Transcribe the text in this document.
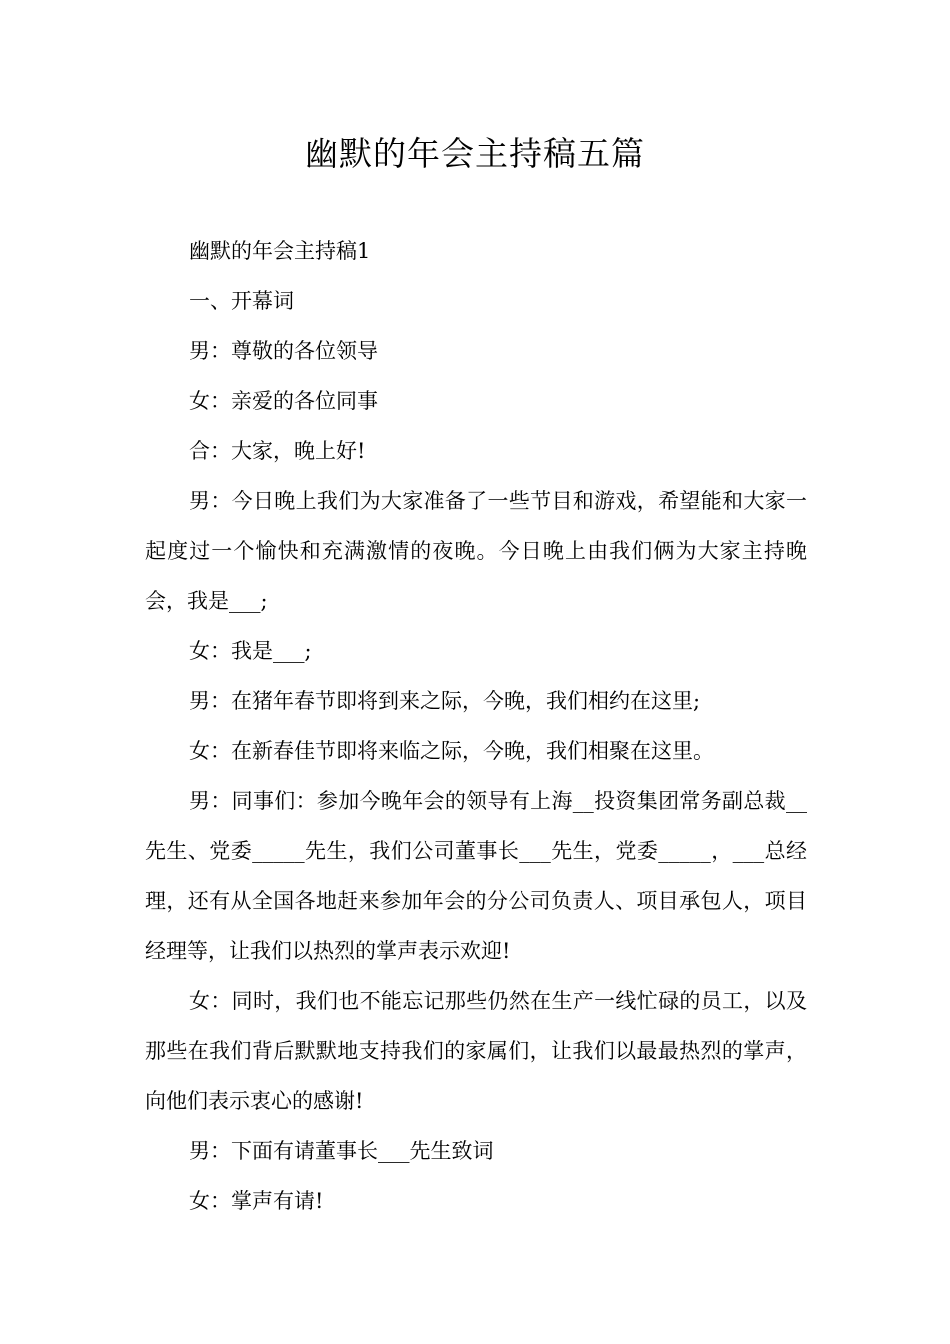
幽默的年会主持稿五篇

幽默的年会主持稿1

一、开幕词

男：尊敬的各位领导

女：亲爱的各位同事

合：大家，晚上好!

男：今日晚上我们为大家准备了一些节目和游戏，希望能和大家一起度过一个愉快和充满激情的夜晚。今日晚上由我们俩为大家主持晚会，我是___;

女：我是___;

男：在猪年春节即将到来之际，今晚，我们相约在这里;

女：在新春佳节即将来临之际，今晚，我们相聚在这里。

男：同事们：参加今晚年会的领导有上海__投资集团常务副总裁__先生、党委_____先生，我们公司董事长___先生，党委_____，___总经理，还有从全国各地赶来参加年会的分公司负责人、项目承包人，项目经理等，让我们以热烈的掌声表示欢迎!

女：同时，我们也不能忘记那些仍然在生产一线忙碌的员工，以及那些在我们背后默默地支持我们的家属们，让我们以最最热烈的掌声，向他们表示衷心的感谢!

男：下面有请董事长___先生致词

女：掌声有请!
